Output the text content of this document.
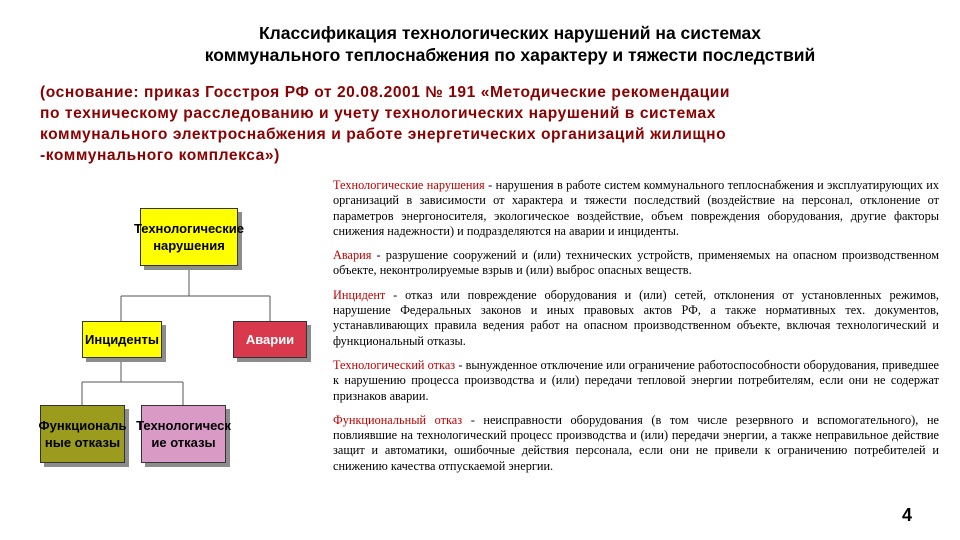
Классификация технологических нарушений на системах
коммунального теплоснабжения по характеру и тяжести последствий
(основание: приказ Госстроя РФ от 20.08.2001 № 191 «Методические рекомендации
по техническому расследованию и учету технологических нарушений в системах
коммунального электроснабжения и работе энергетических организаций жилищно
-коммунального комплекса»)
Технологические нарушения
Инциденты	Аварии
Функциональ ные отказы
Технологическ ие отказы

Технологические нарушения - нарушения в работе систем коммунального теплоснабжения и эксплуатирующих их организаций в зависимости от характера и тяжести последствий (воздействие на персонал, отклонение от параметров энергоносителя, экологическое воздействие, объем повреждения оборудования, другие факторы снижения надежности) и подразделяются на аварии и инциденты.

Авария - разрушение сооружений и (или) технических устройств, применяемых на опасном производственном объекте, неконтролируемые взрыв и (или) выброс опасных веществ.

Инцидент - отказ или повреждение оборудования и (или) сетей, отклонения от установленных режимов, нарушение Федеральных законов и иных правовых актов РФ, а также нормативных тех. документов, устанавливающих правила ведения работ на опасном производственном объекте, включая технологический и функциональный отказы.

Технологический отказ - вынужденное отключение или ограничение работоспособности оборудования, приведшее к нарушению процесса производства и (или) передачи тепловой энергии потребителям, если они не содержат признаков аварии.

Функциональный отказ - неисправности оборудования (в том числе резервного и вспомогательного), не повлиявшие на технологический процесс производства и (или) передачи энергии, а также неправильное действие защит и автоматики, ошибочные действия персонала, если они не привели к ограничению потребителей и снижению качества отпускаемой энергии.

4
